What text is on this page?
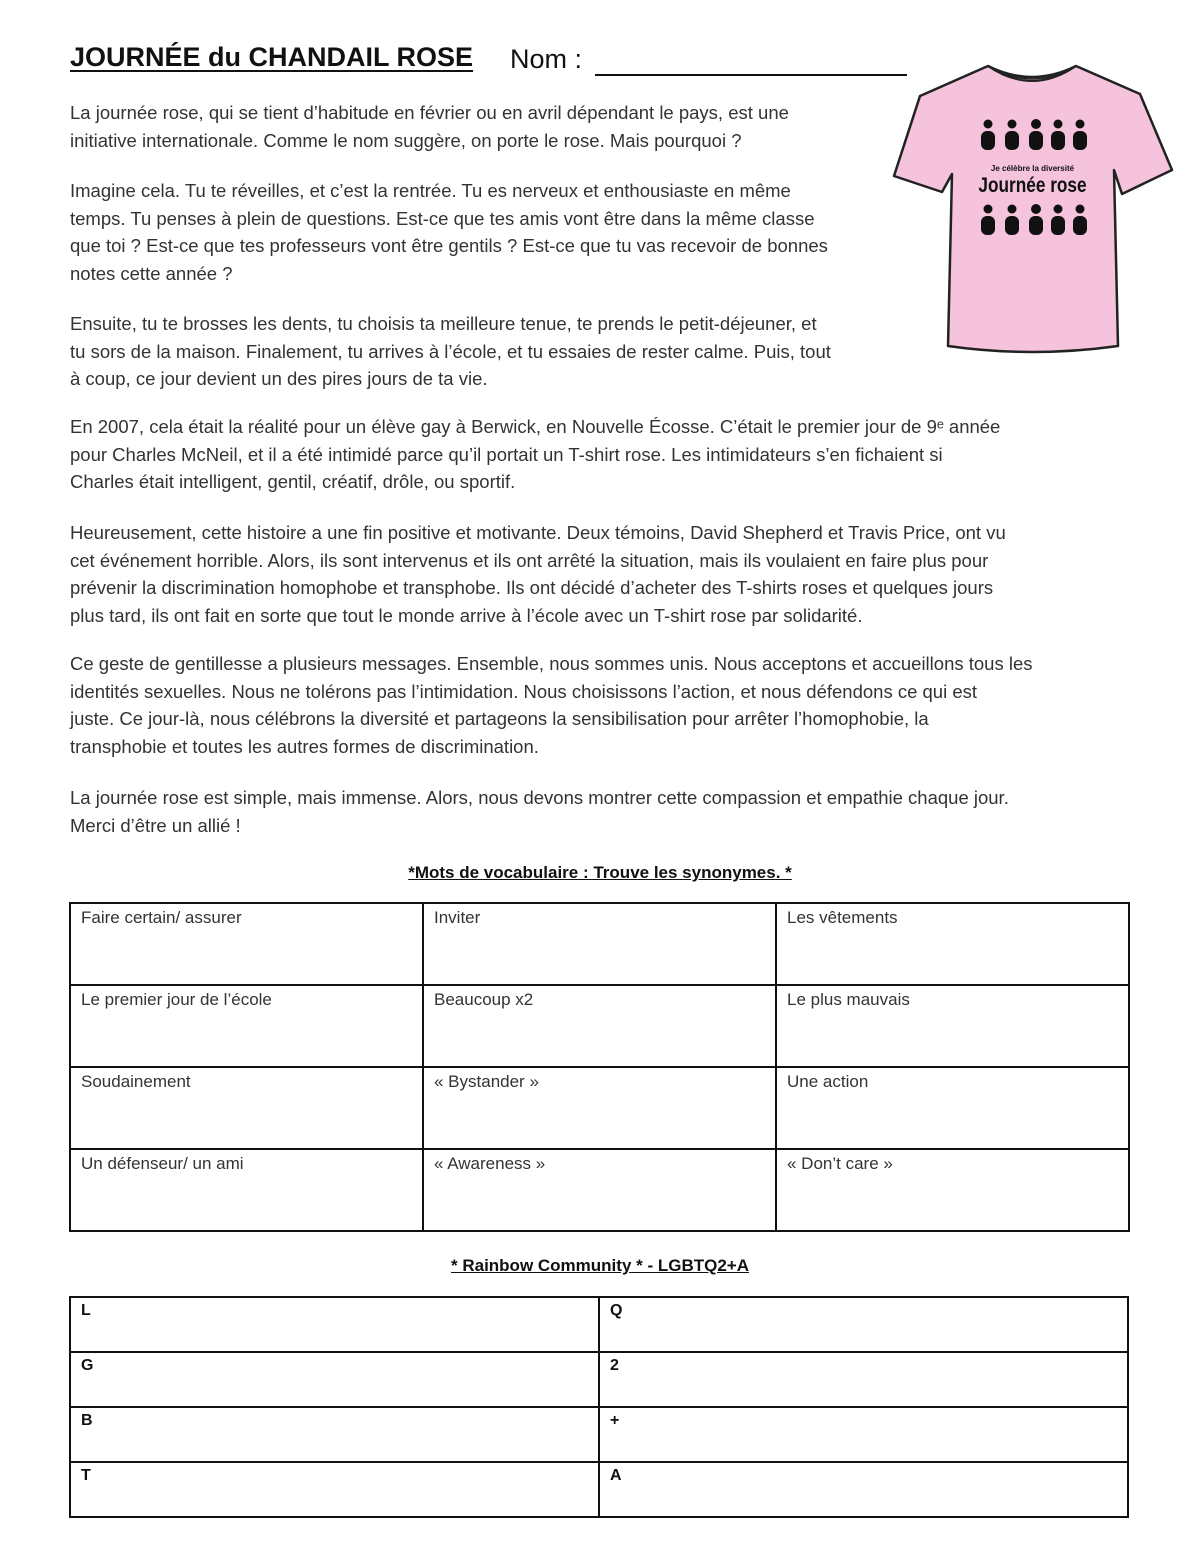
JOURNÉE du CHANDAIL ROSE Nom :
Je célèbre la diversité
Journée rose

La journée rose, qui se tient d’habitude en février ou en avril dépendant le pays, est une
initiative internationale. Comme le nom suggère, on porte le rose. Mais pourquoi ?

Imagine cela. Tu te réveilles, et c’est la rentrée. Tu es nerveux et enthousiaste en même
temps. Tu penses à plein de questions. Est-ce que tes amis vont être dans la même classe
que toi ? Est-ce que tes professeurs vont être gentils ? Est-ce que tu vas recevoir de bonnes
notes cette année ?

Ensuite, tu te brosses les dents, tu choisis ta meilleure tenue, te prends le petit-déjeuner, et
tu sors de la maison. Finalement, tu arrives à l’école, et tu essaies de rester calme. Puis, tout
à coup, ce jour devient un des pires jours de ta vie.

En 2007, cela était la réalité pour un élève gay à Berwick, en Nouvelle Écosse. C’était le premier jour de 9ᵉ année
pour Charles McNeil, et il a été intimidé parce qu’il portait un T-shirt rose. Les intimidateurs s’en fichaient si
Charles était intelligent, gentil, créatif, drôle, ou sportif.

Heureusement, cette histoire a une fin positive et motivante. Deux témoins, David Shepherd et Travis Price, ont vu
cet événement horrible. Alors, ils sont intervenus et ils ont arrêté la situation, mais ils voulaient en faire plus pour
prévenir la discrimination homophobe et transphobe. Ils ont décidé d’acheter des T-shirts roses et quelques jours
plus tard, ils ont fait en sorte que tout le monde arrive à l’école avec un T-shirt rose par solidarité.

Ce geste de gentillesse a plusieurs messages. Ensemble, nous sommes unis. Nous acceptons et accueillons tous les
identités sexuelles. Nous ne tolérons pas l’intimidation. Nous choisissons l’action, et nous défendons ce qui est
juste. Ce jour-là, nous célébrons la diversité et partageons la sensibilisation pour arrêter l’homophobie, la
transphobie et toutes les autres formes de discrimination.

La journée rose est simple, mais immense. Alors, nous devons montrer cette compassion et empathie chaque jour.
Merci d’être un allié !

*Mots de vocabulaire : Trouve les synonymes. *
Faire certain/ assurer	Inviter	Les vêtements
Le premier jour de l’école	Beaucoup x2	Le plus mauvais
Soudainement	« Bystander »	Une action
Un défenseur/ un ami	« Awareness »	« Don’t care »
* Rainbow Community * - LGBTQ2+A
L	Q
G	2
B	+
T	A
